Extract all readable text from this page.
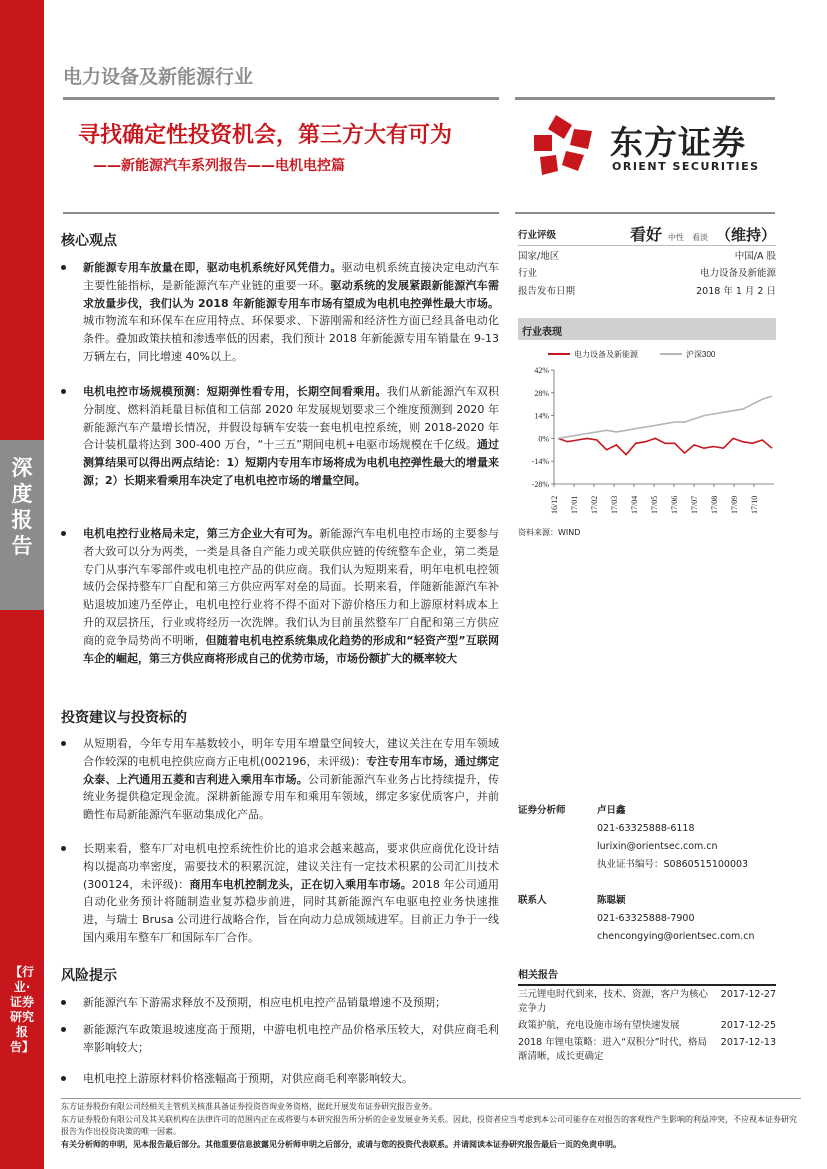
深度报告
【行业·证券研究报告】
电力设备及新能源行业
寻找确定性投资机会，第三方大有可为
——新能源汽车系列报告——电机电控篇
东方证券
ORIENT SECURITIES
核心观点
新能源专用车放量在即，驱动电机系统好风凭借力。驱动电机系统直接决定电动汽车主要性能指标，是新能源汽车产业链的重要一环。驱动系统的发展紧跟新能源汽车需求放量步伐，我们认为 2018 年新能源专用车市场有望成为电机电控弹性最大市场。城市物流车和环保车在应用特点、环保要求、下游刚需和经济性方面已经具备电动化条件。叠加政策扶植和渗透率低的因素，我们预计 2018 年新能源专用车销量在 9-13 万辆左右，同比增速 40%以上。
电机电控市场规模预测：短期弹性看专用，长期空间看乘用。我们从新能源汽车双积分制度、燃料消耗量目标值和工信部 2020 年发展规划要求三个维度预测到 2020 年新能源汽车产量增长情况，并假设每辆车安装一套电机电控系统，则 2018-2020 年合计装机量将达到 300-400 万台，“十三五”期间电机+电驱市场规模在千亿级。通过测算结果可以得出两点结论：1）短期内专用车市场将成为电机电控弹性最大的增量来源；2）长期来看乘用车决定了电机电控市场的增量空间。
电机电控行业格局未定，第三方企业大有可为。新能源汽车电机电控市场的主要参与者大致可以分为两类，一类是具备自产能力或关联供应链的传统整车企业，第二类是专门从事汽车零部件或电机电控产品的供应商。我们认为短期来看，明年电机电控领域仍会保持整车厂自配和第三方供应两军对垒的局面。长期来看，伴随新能源汽车补贴退坡加速乃至停止，电机电控行业将不得不面对下游价格压力和上游原材料成本上升的双层挤压，行业或将经历一次洗牌。我们认为目前虽然整车厂自配和第三方供应商的竞争局势尚不明晰，但随着电机电控系统集成化趋势的形成和“轻资产型”互联网车企的崛起，第三方供应商将形成自己的优势市场，市场份额扩大的概率较大
投资建议与投资标的
从短期看，今年专用车基数较小，明年专用车增量空间较大，建议关注在专用车领域合作较深的电机电控供应商方正电机(002196，未评级)：专注专用车市场，通过绑定众泰、上汽通用五菱和吉利进入乘用车市场。公司新能源汽车业务占比持续提升，传统业务提供稳定现金流。深耕新能源专用车和乘用车领域，绑定多家优质客户，并前瞻性布局新能源汽车驱动集成化产品。
长期来看，整车厂对电机电控系统性价比的追求会越来越高，要求供应商优化设计结构以提高功率密度，需要技术的积累沉淀，建议关注有一定技术积累的公司汇川技术(300124，未评级)：商用车电机控制龙头，正在切入乘用车市场。2018 年公司通用自动化业务预计将随制造业复苏稳步前进，同时其新能源汽车电驱电控业务快速推进，与瑞士 Brusa 公司进行战略合作，旨在向动力总成领域进军。目前正力争于一线国内乘用车整车厂和国际车厂合作。
风险提示
新能源汽车下游需求释放不及预期，相应电机电控产品销量增速不及预期；
新能源汽车政策退坡速度高于预期，中游电机电控产品价格承压较大，对供应商毛利率影响较大；
电机电控上游原材料价格涨幅高于预期，对供应商毛利率影响较大。
行业评级	看好 中性 看淡 （维持）
国家/地区	中国/A 股
行业	电力设备及新能源
报告发布日期	2018 年 1 月 2 日
行业表现
电力设备及新能源	沪深300
42%
28%
14%
0%
-14%
-28%
16/12 17/01 17/02 17/03 17/04 17/05 17/06 17/07 17/08 17/09 17/10
资料来源：WIND
证券分析师	卢日鑫
021-63325888-6118
lurixin@orientsec.com.cn
执业证书编号：S0860515100003
联系人	陈聪颖
021-63325888-7900
chencongying@orientsec.com.cn
相关报告
三元锂电时代到来，技术、资源，客户为核心竞争力
2017-12-27
政策护航，充电设施市场有望快速发展	2017-12-25
2018 年锂电策略：进入“双积分”时代，格局渐清晰，成长更确定
2017-12-13
东方证券股份有限公司经相关主管机关核准具备证券投资咨询业务资格，据此开展发布证券研究报告业务。
东方证券股份有限公司及其关联机构在法律许可的范围内正在或将要与本研究报告所分析的企业发展业务关系。因此，投资者应当考虑到本公司可能存在对报告的客观性产生影响的利益冲突，不应视本证券研究报告为作出投资决策的唯一因素。
有关分析师的申明，见本报告最后部分。其他重要信息披露见分析师申明之后部分，或请与您的投资代表联系。并请阅读本证券研究报告最后一页的免责申明。
